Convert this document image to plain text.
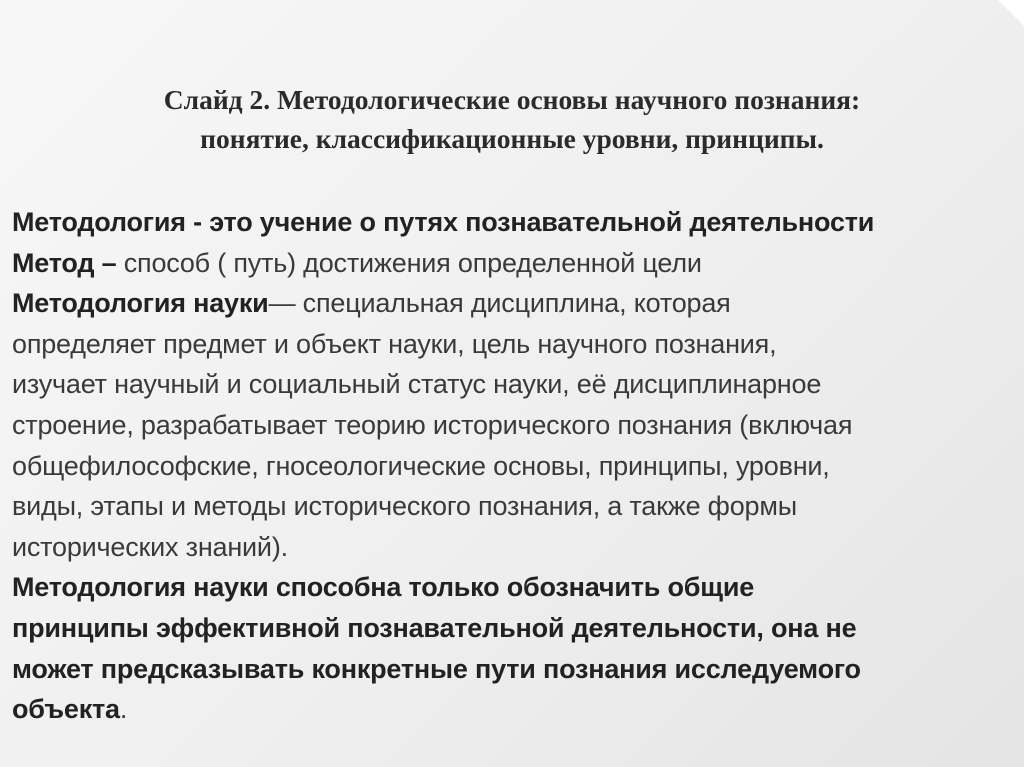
Слайд 2. Методологические основы научного познания:
понятие, классификационные уровни, принципы.
Методология - это учение о путях познавательной деятельности
Метод – способ ( путь) достижения определенной цели
Методология науки— специальная дисциплина, которая
определяет предмет и объект науки, цель научного познания,
изучает научный и социальный статус науки, её дисциплинарное
строение, разрабатывает теорию исторического познания (включая
общефилософские, гносеологические основы, принципы, уровни,
виды, этапы и методы исторического познания, а также формы
исторических знаний).
Методология науки способна только обозначить общие
принципы эффективной познавательной деятельности, она не
может предсказывать конкретные пути познания исследуемого
объекта.
